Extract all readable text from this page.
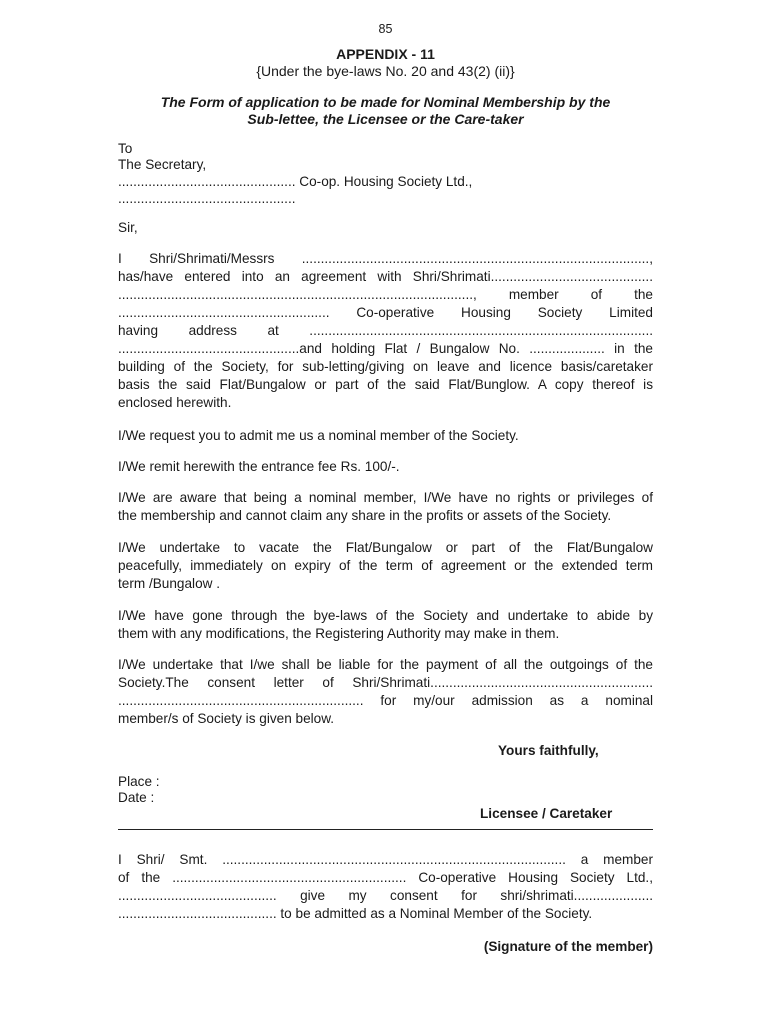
85
APPENDIX - 11
{Under the bye-laws No. 20 and 43(2) (ii)}
The Form of application to be made for Nominal Membership by the
Sub-lettee, the Licensee or the Care-taker
To
The Secretary,
............................................... Co-op. Housing Society Ltd.,
...............................................
Sir,
I Shri/Shrimati/Messrs ............................................................................................,
has/have entered into an agreement with Shri/Shrimati...........................................
.............................................................................................., member of the
........................................................ Co-operative Housing Society Limited
having address at ...........................................................................................
................................................and holding Flat / Bungalow No. .................... in the
building of the Society, for sub-letting/giving on leave and licence basis/caretaker
basis the said Flat/Bungalow or part of the said Flat/Bunglow. A copy thereof is
enclosed herewith.
I/We request you to admit me us a nominal member of the Society.
I/We remit herewith the entrance fee Rs. 100/-.
I/We are aware that being a nominal member, I/We have no rights or privileges of
the membership and cannot claim any share in the profits or assets of the Society.
I/We undertake to vacate the Flat/Bungalow or part of the Flat/Bungalow
peacefully, immediately on expiry of the term of agreement or the extended term
term /Bungalow .
I/We have gone through the bye-laws of the Society and undertake to abide by
them with any modifications, the Registering Authority may make in them.
I/We undertake that I/we shall be liable for the payment of all the outgoings of the
Society.The consent letter of Shri/Shrimati...........................................................
................................................................. for my/our admission as a nominal
member/s of Society is given below.
Yours faithfully,
Place :
Date :
Licensee / Caretaker
I Shri/ Smt. ........................................................................................... a member
of the .............................................................. Co-operative Housing Society Ltd.,
.......................................... give my consent for shri/shrimati.....................
.......................................... to be admitted as a Nominal Member of the Society.
(Signature of the member)
